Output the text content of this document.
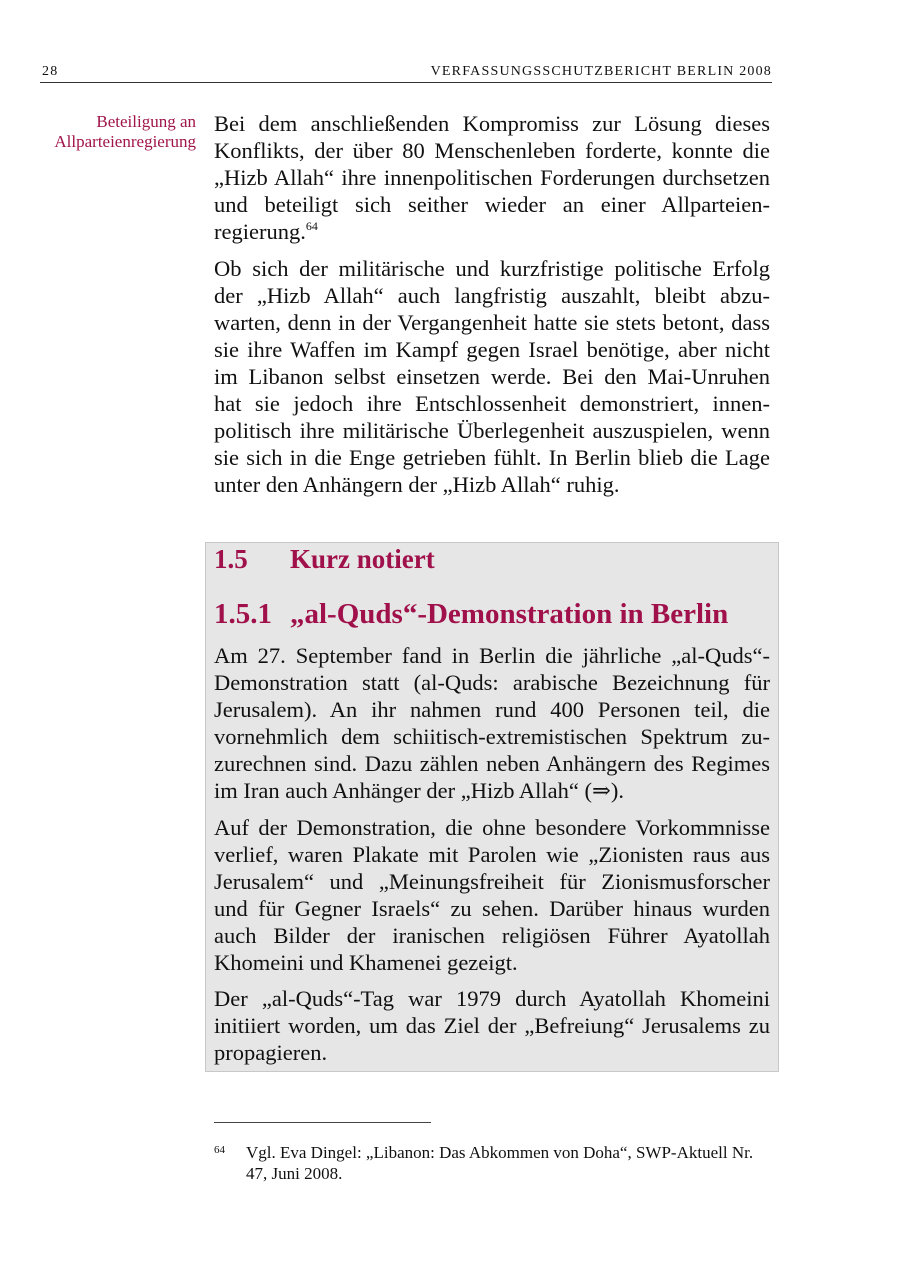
28	VERFASSUNGSSCHUTZBERICHT BERLIN 2008
Beteiligung an
Allparteienregierung
Bei dem anschließenden Kompromiss zur Lösung dieses
Konflikts, der über 80 Menschenleben forderte, konnte die
„Hizb Allah“ ihre innenpolitischen Forderungen durchsetzen
und beteiligt sich seither wieder an einer Allparteien-
regierung.$^{64}$
Ob sich der militärische und kurzfristige politische Erfolg
der „Hizb Allah“ auch langfristig auszahlt, bleibt abzu-
warten, denn in der Vergangenheit hatte sie stets betont, dass
sie ihre Waffen im Kampf gegen Israel benötige, aber nicht
im Libanon selbst einsetzen werde. Bei den Mai-Unruhen
hat sie jedoch ihre Entschlossenheit demonstriert, innen-
politisch ihre militärische Überlegenheit auszuspielen, wenn
sie sich in die Enge getrieben fühlt. In Berlin blieb die Lage
unter den Anhängern der „Hizb Allah“ ruhig.
1.5 Kurz notiert
1.5.1 „al-Quds“-Demonstration in Berlin
Am 27. September fand in Berlin die jährliche „al-Quds“-
Demonstration statt (al-Quds: arabische Bezeichnung für
Jerusalem). An ihr nahmen rund 400 Personen teil, die
vornehmlich dem schiitisch-extremistischen Spektrum zu-
zurechnen sind. Dazu zählen neben Anhängern des Regimes
im Iran auch Anhänger der „Hizb Allah“ (⇒).
Auf der Demonstration, die ohne besondere Vorkommnisse
verlief, waren Plakate mit Parolen wie „Zionisten raus aus
Jerusalem“ und „Meinungsfreiheit für Zionismusforscher
und für Gegner Israels“ zu sehen. Darüber hinaus wurden
auch Bilder der iranischen religiösen Führer Ayatollah
Khomeini und Khamenei gezeigt.
Der „al-Quds“-Tag war 1979 durch Ayatollah Khomeini
initiiert worden, um das Ziel der „Befreiung“ Jerusalems zu
propagieren.
64 Vgl. Eva Dingel: „Libanon: Das Abkommen von Doha“, SWP-Aktuell Nr. 47, Juni 2008.
